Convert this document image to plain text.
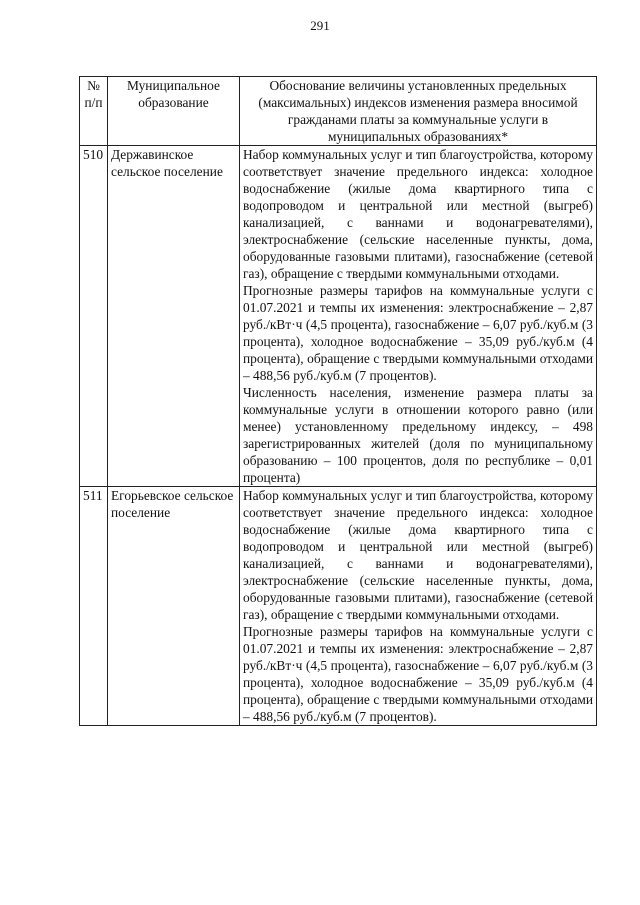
291
№ п/п	Муниципальное образование	Обоснование величины установленных предельных (максимальных) индексов изменения размера вносимой гражданами платы за коммунальные услуги в муниципальных образованиях*
510	Державинское сельское поселение	Набор коммунальных услуг и тип благоустройства, которому соответствует значение предельного индекса: холодное водоснабжение (жилые дома квартирного типа с водопроводом и центральной или местной (выгреб) канализацией, с ваннами и водонагревателями), электроснабжение (сельские населенные пункты, дома, оборудованные газовыми плитами), газоснабжение (сетевой газ), обращение с твердыми коммунальными отходами.

Прогнозные размеры тарифов на коммунальные услуги с 01.07.2021 и темпы их изменения: электроснабжение – 2,87 руб./кВт·ч (4,5 процента), газоснабжение – 6,07 руб./куб.м (3 процента), холодное водоснабжение – 35,09 руб./куб.м (4 процента), обращение с твердыми коммунальными отходами – 488,56 руб./куб.м (7 процентов).

Численность населения, изменение размера платы за коммунальные услуги в отношении которого равно (или менее) установленному предельному индексу, – 498 зарегистрированных жителей (доля по муниципальному образованию – 100 процентов, доля по республике – 0,01 процента)

511	Егорьевское сельское поселение	Набор коммунальных услуг и тип благоустройства, которому соответствует значение предельного индекса: холодное водоснабжение (жилые дома квартирного типа с водопроводом и центральной или местной (выгреб) канализацией, с ваннами и водонагревателями), электроснабжение (сельские населенные пункты, дома, оборудованные газовыми плитами), газоснабжение (сетевой газ), обращение с твердыми коммунальными отходами.

Прогнозные размеры тарифов на коммунальные услуги с 01.07.2021 и темпы их изменения: электроснабжение – 2,87 руб./кВт·ч (4,5 процента), газоснабжение – 6,07 руб./куб.м (3 процента), холодное водоснабжение – 35,09 руб./куб.м (4 процента), обращение с твердыми коммунальными отходами – 488,56 руб./куб.м (7 процентов).
